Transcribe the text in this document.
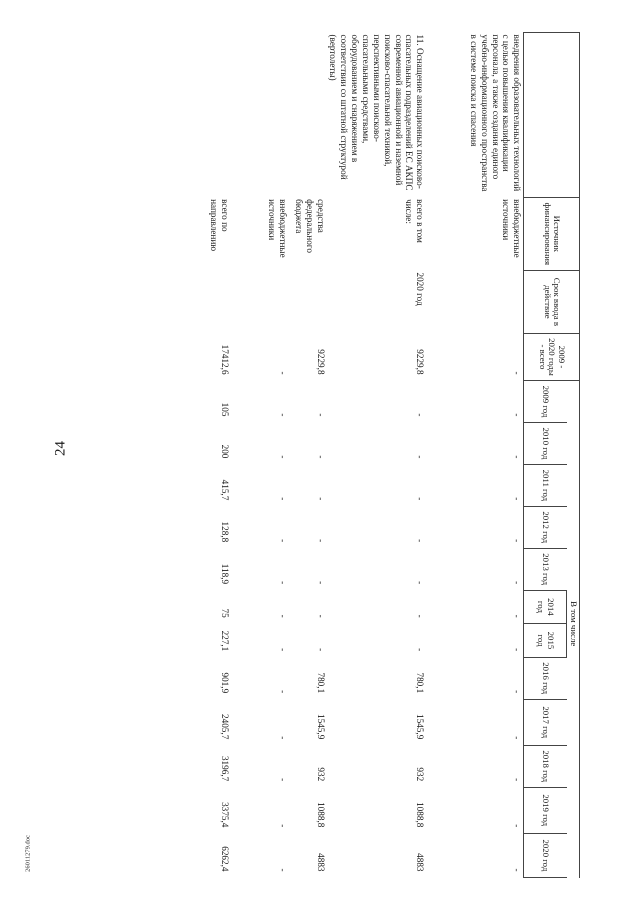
24
26011279.doc
	Источник финансирования	Срок ввода в действие	2009 - 2020 годы - всего						В том числе						
				2009 год	2010 год	2011 год	2012 год	2013 год	2014 год	2015 год	2016 год	2017 год	2018 год	2019 год	2020 год
внедрения образовательных технологий с целью повышения квалификации персонала, а также создания единого учебно-информационного пространства в системе поиска и спасения	внебюджетные источники		-	-	-	-	-	-	-	-	-	-	-	-	-
11. Оснащение авиационных поисково-спасательных подразделений ЕС АКПС современной авиационной и наземной поисково-спасательной техникой, перспективными поисково-спасательными средствами, оборудованием и снаряжением в соответствии со штатной структурой (вертолеты)	всего в том числе:	2020 год	9229,8	-	-	-	-	-	-	-	780,1	1545,9	932	1088,8	4883
	средства федерального бюджета		9229,8	-	-	-	-	-	-	-	780,1	1545,9	932	1088,8	4883
	внебюджетные источники		-	-	-	-	-	-	-	-	-	-	-	-	-
	всего по направлению		17412,6	105	200	415,7	128,8	118,9	75	227,1	901,9	2405,7	3196,7	3375,4	6262,4
